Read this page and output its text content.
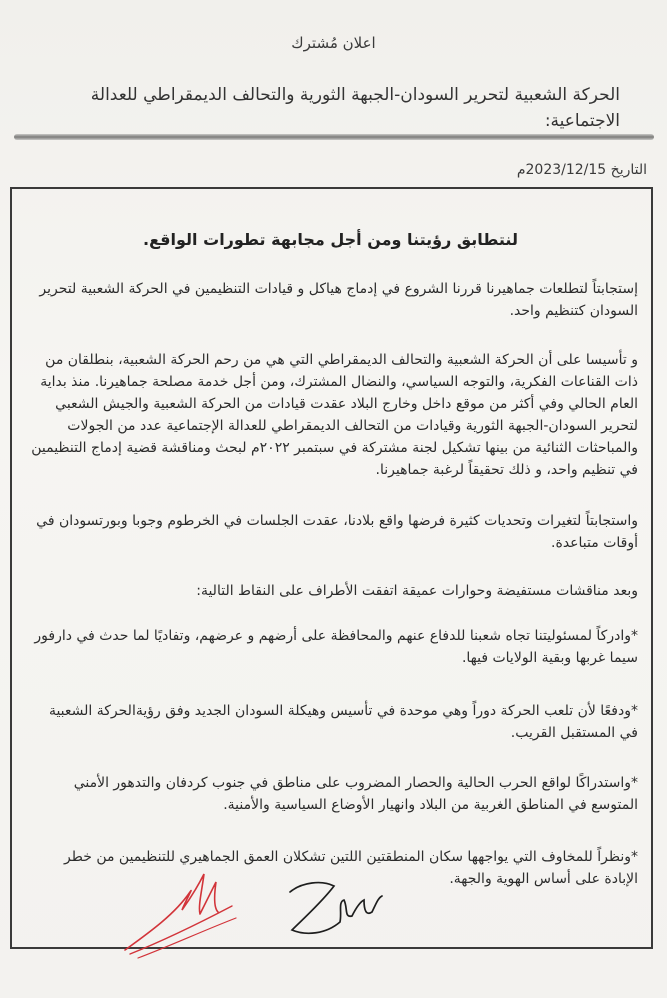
اعلان مُشترك
الحركة الشعبية لتحرير السودان-الجبهة الثورية والتحالف الديمقراطي للعدالة الاجتماعية:
التاريخ 2023/12/15م
لنتطابق رؤيتنا ومن أجل مجابهة تطورات الواقع.

إستجابتاً لتطلعات جماهيرنا قررنا الشروع في إدماج هياكل و قيادات التنظيمين في الحركة الشعبية لتحرير السودان كتنظيم واحد.

و تأسيسا على أن الحركة الشعبية والتحالف الديمقراطي التي هي من رحم الحركة الشعبية، بنطلقان من ذات القناعات الفكرية، والتوجه السياسي، والنضال المشترك، ومن أجل خدمة مصلحة جماهيرنا. منذ بداية العام الحالي وفي أكثر من موقع داخل وخارج البلاد عقدت قيادات من الحركة الشعبية والجيش الشعبي لتحرير السودان-الجبهة الثورية وقيادات من التحالف الديمقراطي للعدالة الإجتماعية عدد من الجولات والمباحثات الثنائية من بينها تشكيل لجنة مشتركة في سبتمبر ٢٠٢٢م لبحث ومناقشة قضية إدماج التنظيمين في تنظيم واحد، و ذلك تحقيقاً لرغبة جماهيرنا.

واستجابتاً لتغيرات وتحديات كثيرة فرضها واقع بلادنا، عقدت الجلسات في الخرطوم وجوبا وبورتسودان في أوقات متباعدة.

وبعد مناقشات مستفيضة وحوارات عميقة اتفقت الأطراف على النقاط التالية:

*وادركاً لمسئوليتنا تجاه شعبنا للدفاع عنهم والمحافظة على أرضهم و عرضهم، وتفاديًا لما حدث في دارفور سيما غربها وبقية الولايات فيها.

*ودفعًا لأن تلعب الحركة دوراً وهي موحدة في تأسيس وهيكلة السودان الجديد وفق رؤيةالحركة الشعبية في المستقبل القريب.

*واستدراكًا لواقع الحرب الحالية والحصار المضروب على مناطق في جنوب كردفان والتدهور الأمني المتوسع في المناطق الغربية من البلاد وانهيار الأوضاع السياسية والأمنية.

*ونظراً للمخاوف التي يواجهها سكان المنطقتين اللتين تشكلان العمق الجماهيري للتنظيمين من خطر الإبادة على أساس الهوية والجهة.
